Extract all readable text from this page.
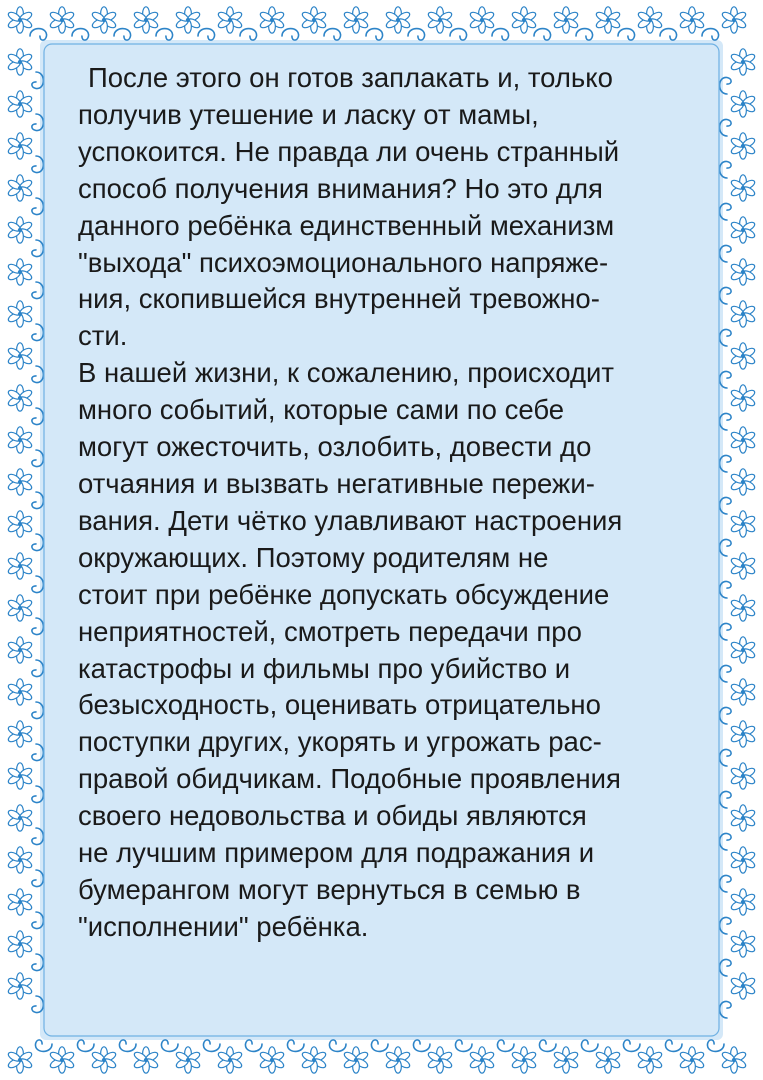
После этого он готов заплакать и, только
получив утешение и ласку от мамы,
успокоится. Не правда ли очень странный
способ получения внимания? Но это для
данного ребёнка единственный механизм
"выхода" психоэмоционального напряже-
ния, скопившейся внутренней тревожно-
сти.
В нашей жизни, к сожалению, происходит
много событий, которые сами по себе
могут ожесточить, озлобить, довести до
отчаяния и вызвать негативные пережи-
вания. Дети чётко улавливают настроения
окружающих. Поэтому родителям не
стоит при ребёнке допускать обсуждение
неприятностей, смотреть передачи про
катастрофы и фильмы про убийство и
безысходность, оценивать отрицательно
поступки других, укорять и угрожать рас-
правой обидчикам. Подобные проявления
своего недовольства и обиды являются
не лучшим примером для подражания и
бумерангом могут вернуться в семью в
"исполнении" ребёнка.
